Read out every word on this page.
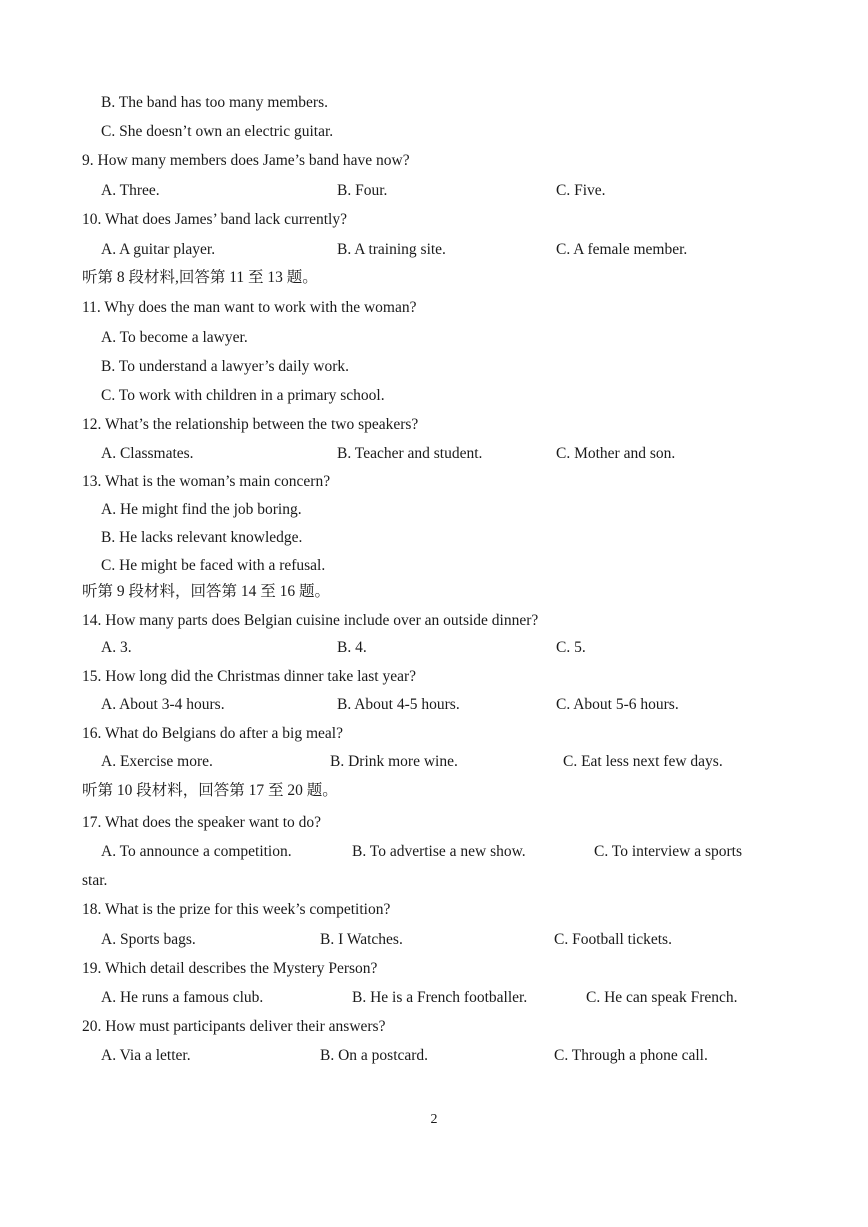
B. The band has too many members.
C. She doesn’t own an electric guitar.
9. How many members does Jame’s band have now?
A. Three.	B. Four.	C. Five.
10. What does James’ band lack currently?
A. A guitar player.	B. A training site.	C. A female member.
听第 8 段材料,回答第 11 至 13 题。
11. Why does the man want to work with the woman?
A. To become a lawyer.
B. To understand a lawyer’s daily work.
C. To work with children in a primary school.
12. What’s the relationship between the two speakers?
A. Classmates.	B. Teacher and student.	C. Mother and son.
13. What is the woman’s main concern?
A. He might find the job boring.
B. He lacks relevant knowledge.
C. He might be faced with a refusal.
听第 9 段材料，回答第 14 至 16 题。
14. How many parts does Belgian cuisine include over an outside dinner?
A. 3.	B. 4.	C. 5.
15. How long did the Christmas dinner take last year?
A. About 3-4 hours.	B. About 4-5 hours.	C. About 5-6 hours.
16. What do Belgians do after a big meal?
A. Exercise more.	B. Drink more wine.	C. Eat less next few days.
听第 10 段材料，回答第 17 至 20 题。
17. What does the speaker want to do?
A. To announce a competition.	B. To advertise a new show.	C. To interview a sports
star.
18. What is the prize for this week’s competition?
A. Sports bags.	B. I Watches.	C. Football tickets.
19. Which detail describes the Mystery Person?
A. He runs a famous club.	B. He is a French footballer.	C. He can speak French.
20. How must participants deliver their answers?
A. Via a letter.	B. On a postcard.	C. Through a phone call.
2
